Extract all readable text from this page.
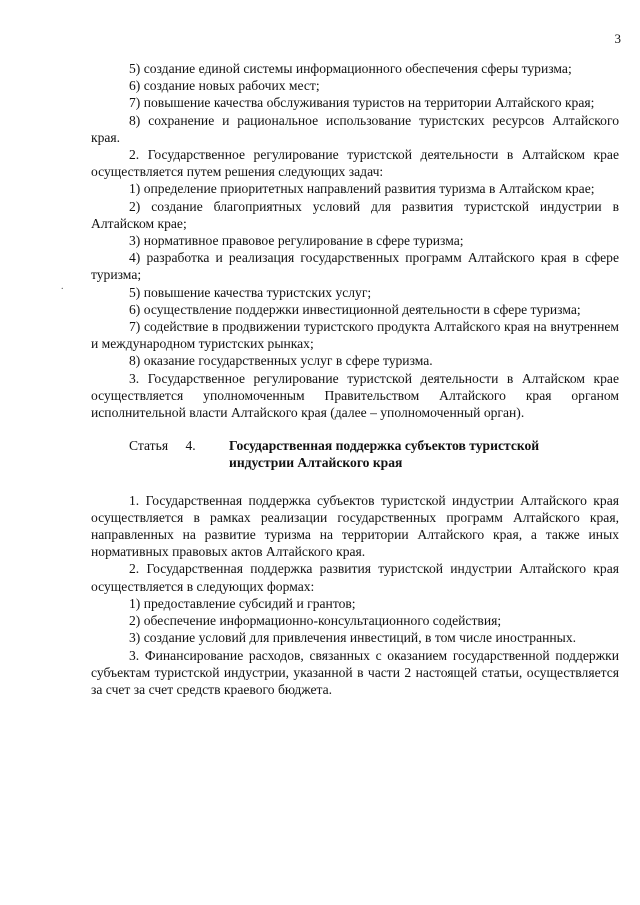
3
.

5) создание единой системы информационного обеспечения сферы туризма;

6) создание новых рабочих мест;

7) повышение качества обслуживания туристов на территории Алтайского края;

8) сохранение и рациональное использование туристских ресурсов Алтайского края.

2. Государственное регулирование туристской деятельности в Алтайском крае осуществляется путем решения следующих задач:

1) определение приоритетных направлений развития туризма в Алтайском крае;

2) создание благоприятных условий для развития туристской индустрии в Алтайском крае;

3) нормативное правовое регулирование в сфере туризма;

4) разработка и реализация государственных программ Алтайского края в сфере туризма;

5) повышение качества туристских услуг;

6) осуществление поддержки инвестиционной деятельности в сфере туризма;

7) содействие в продвижении туристского продукта Алтайского края на внутреннем и международном туристских рынках;

8) оказание государственных услуг в сфере туризма.

3. Государственное регулирование туристской деятельности в Алтайском крае осуществляется уполномоченным Правительством Алтайского края органом исполнительной власти Алтайского края (далее – уполномоченный орган).

Статья 4.	Государственная поддержка субъектов туристской
индустрии Алтайского края

1. Государственная поддержка субъектов туристской индустрии Алтайского края осуществляется в рамках реализации государственных программ Алтайского края, направленных на развитие туризма на территории Алтайского края, а также иных нормативных правовых актов Алтайского края.

2. Государственная поддержка развития туристской индустрии Алтайского края осуществляется в следующих формах:

1) предоставление субсидий и грантов;

2) обеспечение информационно-консультационного содействия;

3) создание условий для привлечения инвестиций, в том числе иностранных.

3. Финансирование расходов, связанных с оказанием государственной поддержки субъектам туристской индустрии, указанной в части 2 настоящей статьи, осуществляется за счет за счет средств краевого бюджета.
